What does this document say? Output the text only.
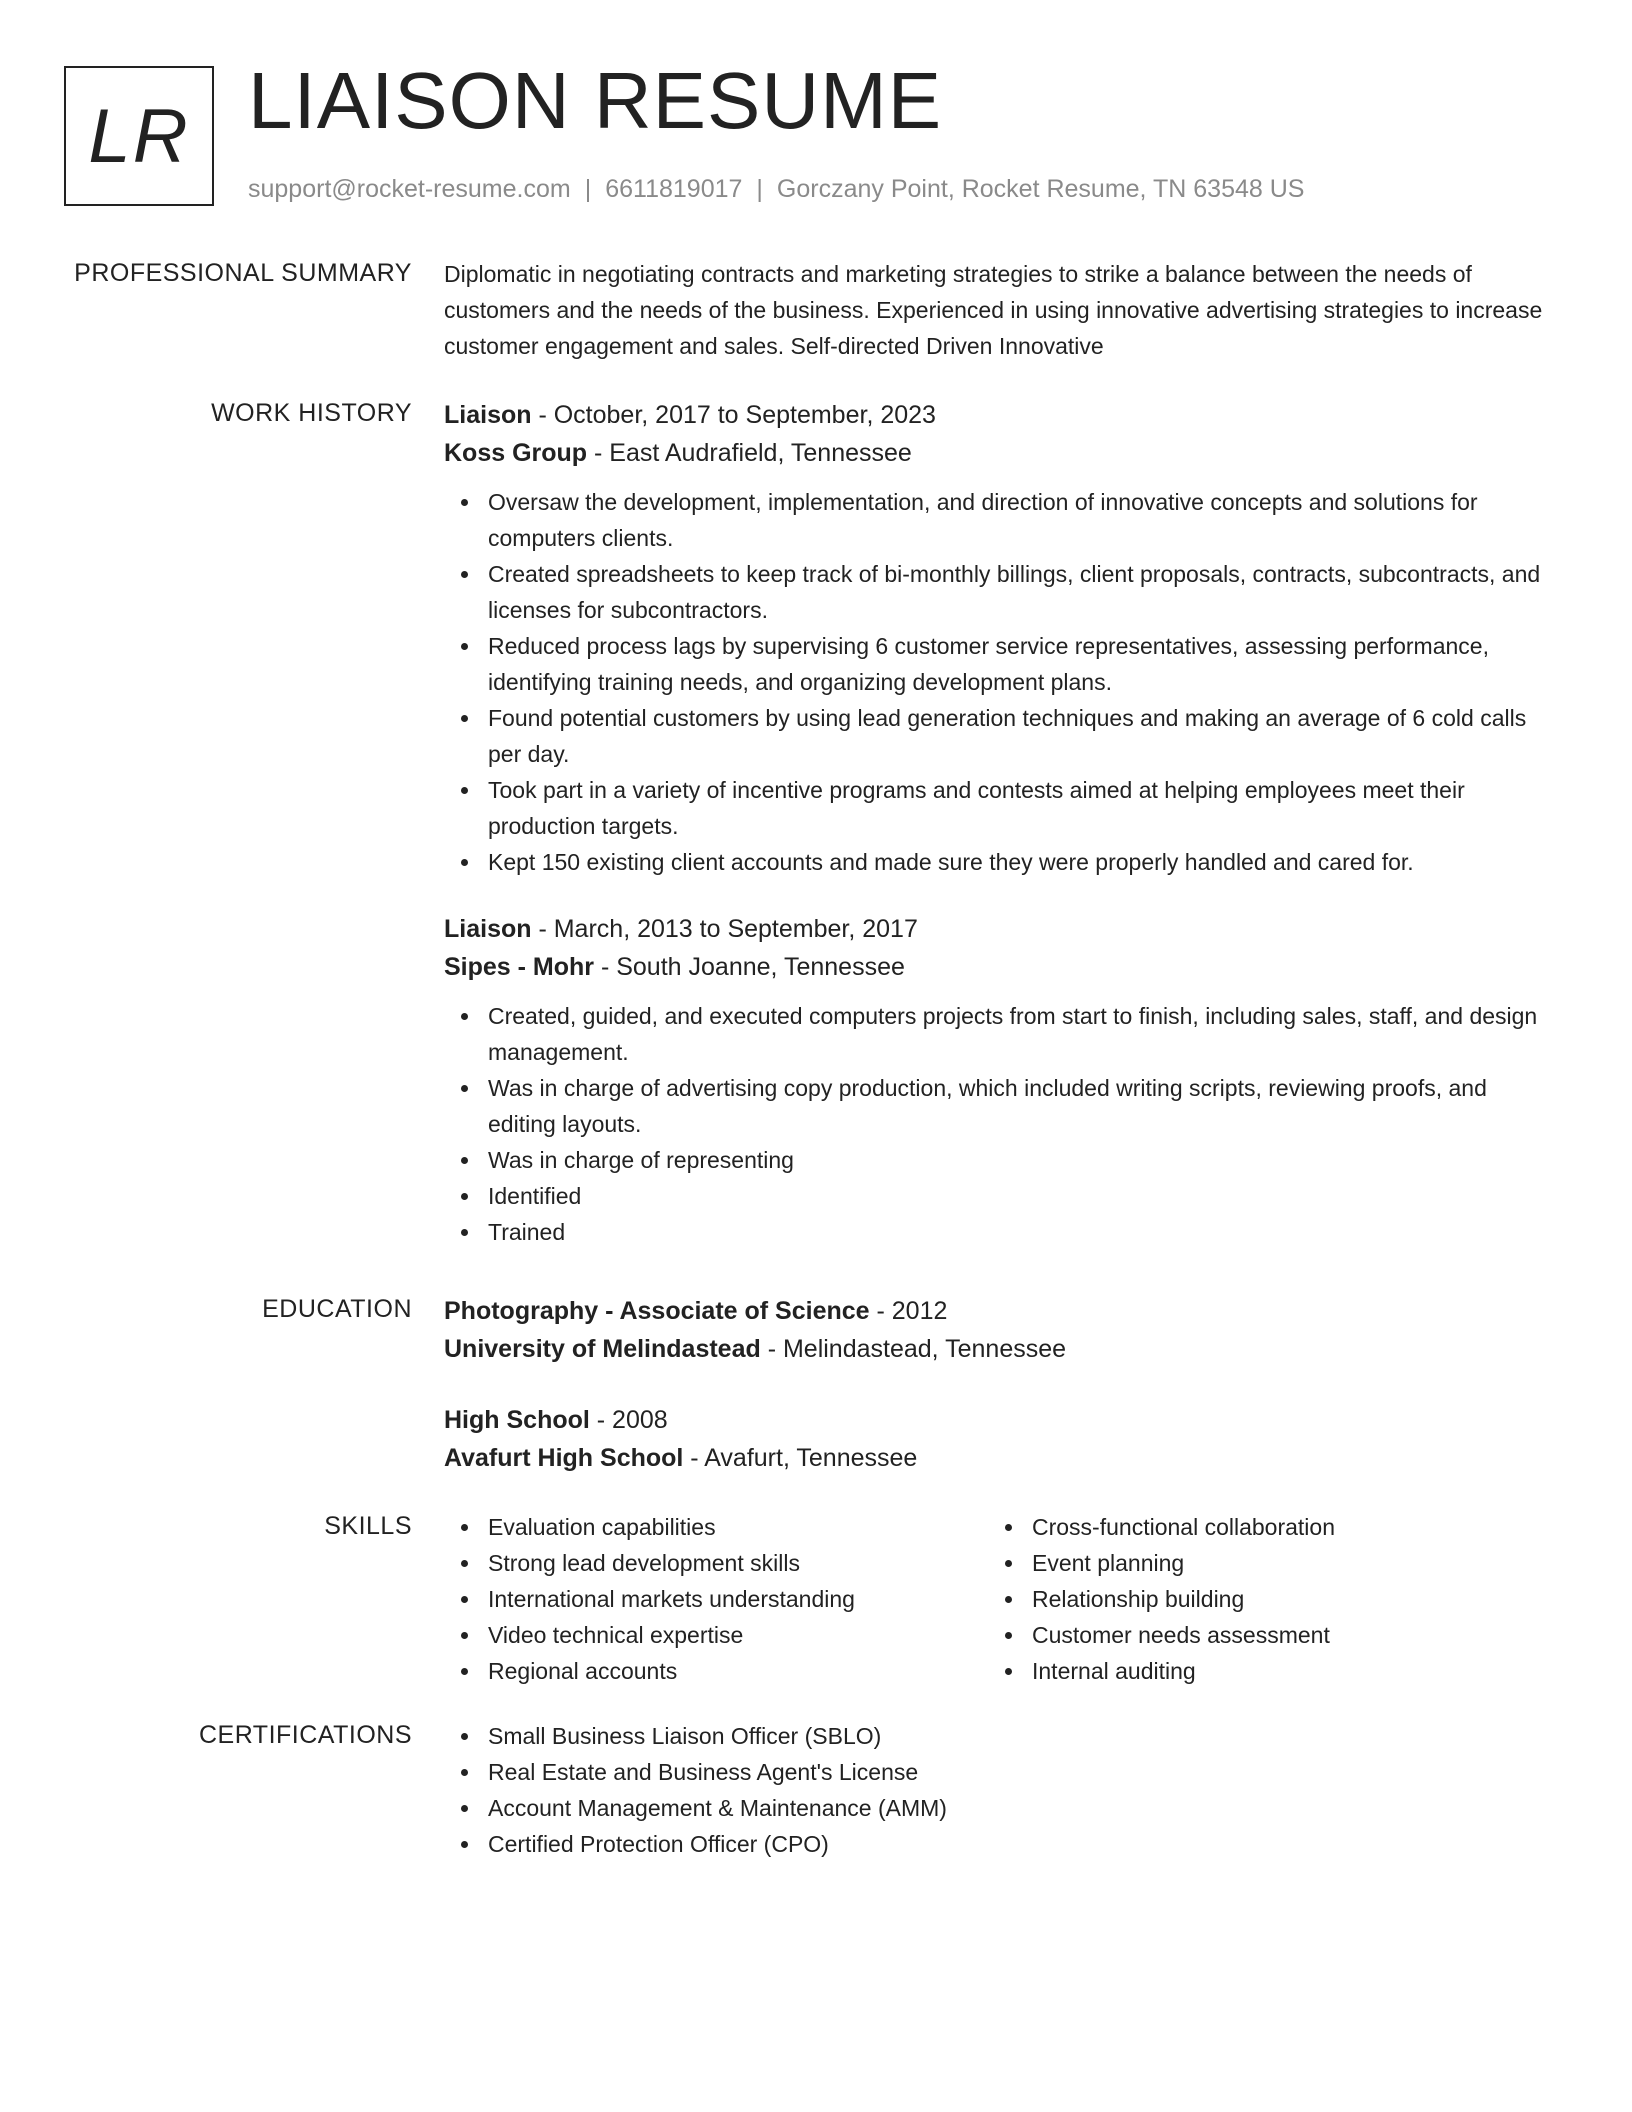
LR LIAISON RESUME
support@rocket-resume.com | 6611819017 | Gorczany Point, Rocket Resume, TN 63548 US
PROFESSIONAL SUMMARY Diplomatic in negotiating contracts and marketing strategies to strike a balance between the needs of customers and the needs of the business. Experienced in using innovative advertising strategies to increase customer engagement and sales. Self-directed Driven Innovative

WORK HISTORY Liaison - October, 2017 to September, 2023
Koss Group - East Audrafield, Tennessee
Oversaw the development, implementation, and direction of innovative concepts and solutions for computers clients.
Created spreadsheets to keep track of bi-monthly billings, client proposals, contracts, subcontracts, and licenses for subcontractors.
Reduced process lags by supervising 6 customer service representatives, assessing performance, identifying training needs, and organizing development plans.
Found potential customers by using lead generation techniques and making an average of 6 cold calls per day.
Took part in a variety of incentive programs and contests aimed at helping employees meet their production targets.
Kept 150 existing client accounts and made sure they were properly handled and cared for.
Liaison - March, 2013 to September, 2017
Sipes - Mohr - South Joanne, Tennessee
Created, guided, and executed computers projects from start to finish, including sales, staff, and design management.
Was in charge of advertising copy production, which included writing scripts, reviewing proofs, and editing layouts.
Was in charge of representing
Identified
Trained
EDUCATION Photography - Associate of Science - 2012
University of Melindastead - Melindastead, Tennessee
High School - 2008
Avafurt High School - Avafurt, Tennessee
SKILLS	Evaluation capabilities
Strong lead development skills
International markets understanding
Video technical expertise
Regional accounts
Cross-functional collaboration
Event planning
Relationship building
Customer needs assessment
Internal auditing
CERTIFICATIONS	Small Business Liaison Officer (SBLO)
Real Estate and Business Agent's License
Account Management & Maintenance (AMM)
Certified Protection Officer (CPO)
